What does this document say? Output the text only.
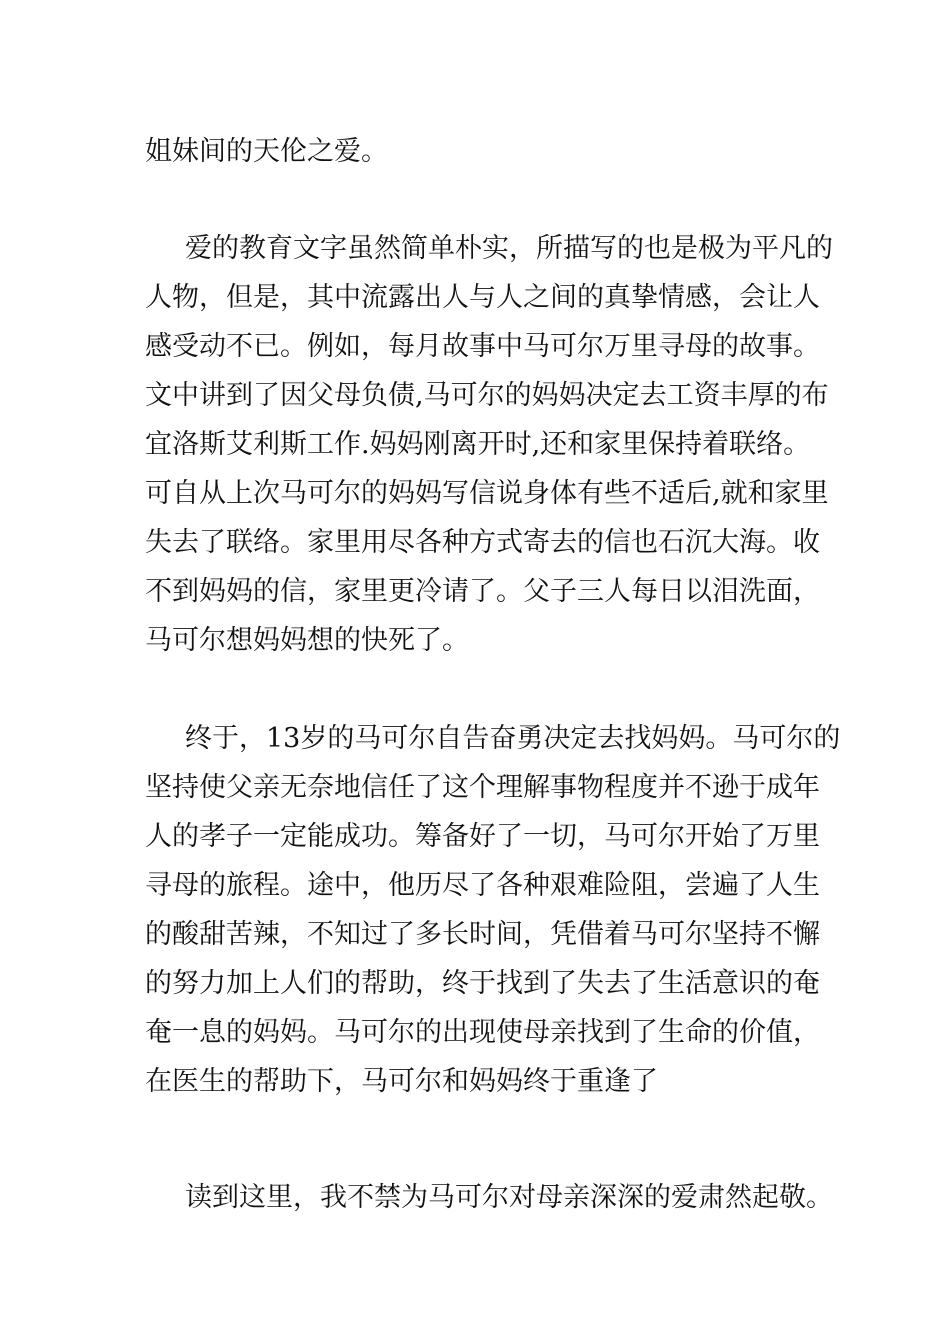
姐妹间的天伦之爱。
爱的教育文字虽然简单朴实，所描写的也是极为平凡的
人物，但是，其中流露出人与人之间的真挚情感，会让人
感受动不已。例如，每月故事中马可尔万里寻母的故事。
文中讲到了因父母负债,马可尔的妈妈决定去工资丰厚的布
宜洛斯艾利斯工作.妈妈刚离开时,还和家里保持着联络。
可自从上次马可尔的妈妈写信说身体有些不适后,就和家里
失去了联络。家里用尽各种方式寄去的信也石沉大海。收
不到妈妈的信，家里更冷请了。父子三人每日以泪洗面，
马可尔想妈妈想的快死了。
终于，13岁的马可尔自告奋勇决定去找妈妈。马可尔的
坚持使父亲无奈地信任了这个理解事物程度并不逊于成年
人的孝子一定能成功。筹备好了一切，马可尔开始了万里
寻母的旅程。途中，他历尽了各种艰难险阻，尝遍了人生
的酸甜苦辣，不知过了多长时间，凭借着马可尔坚持不懈
的努力加上人们的帮助，终于找到了失去了生活意识的奄
奄一息的妈妈。马可尔的出现使母亲找到了生命的价值，
在医生的帮助下，马可尔和妈妈终于重逢了
读到这里，我不禁为马可尔对母亲深深的爱肃然起敬。
